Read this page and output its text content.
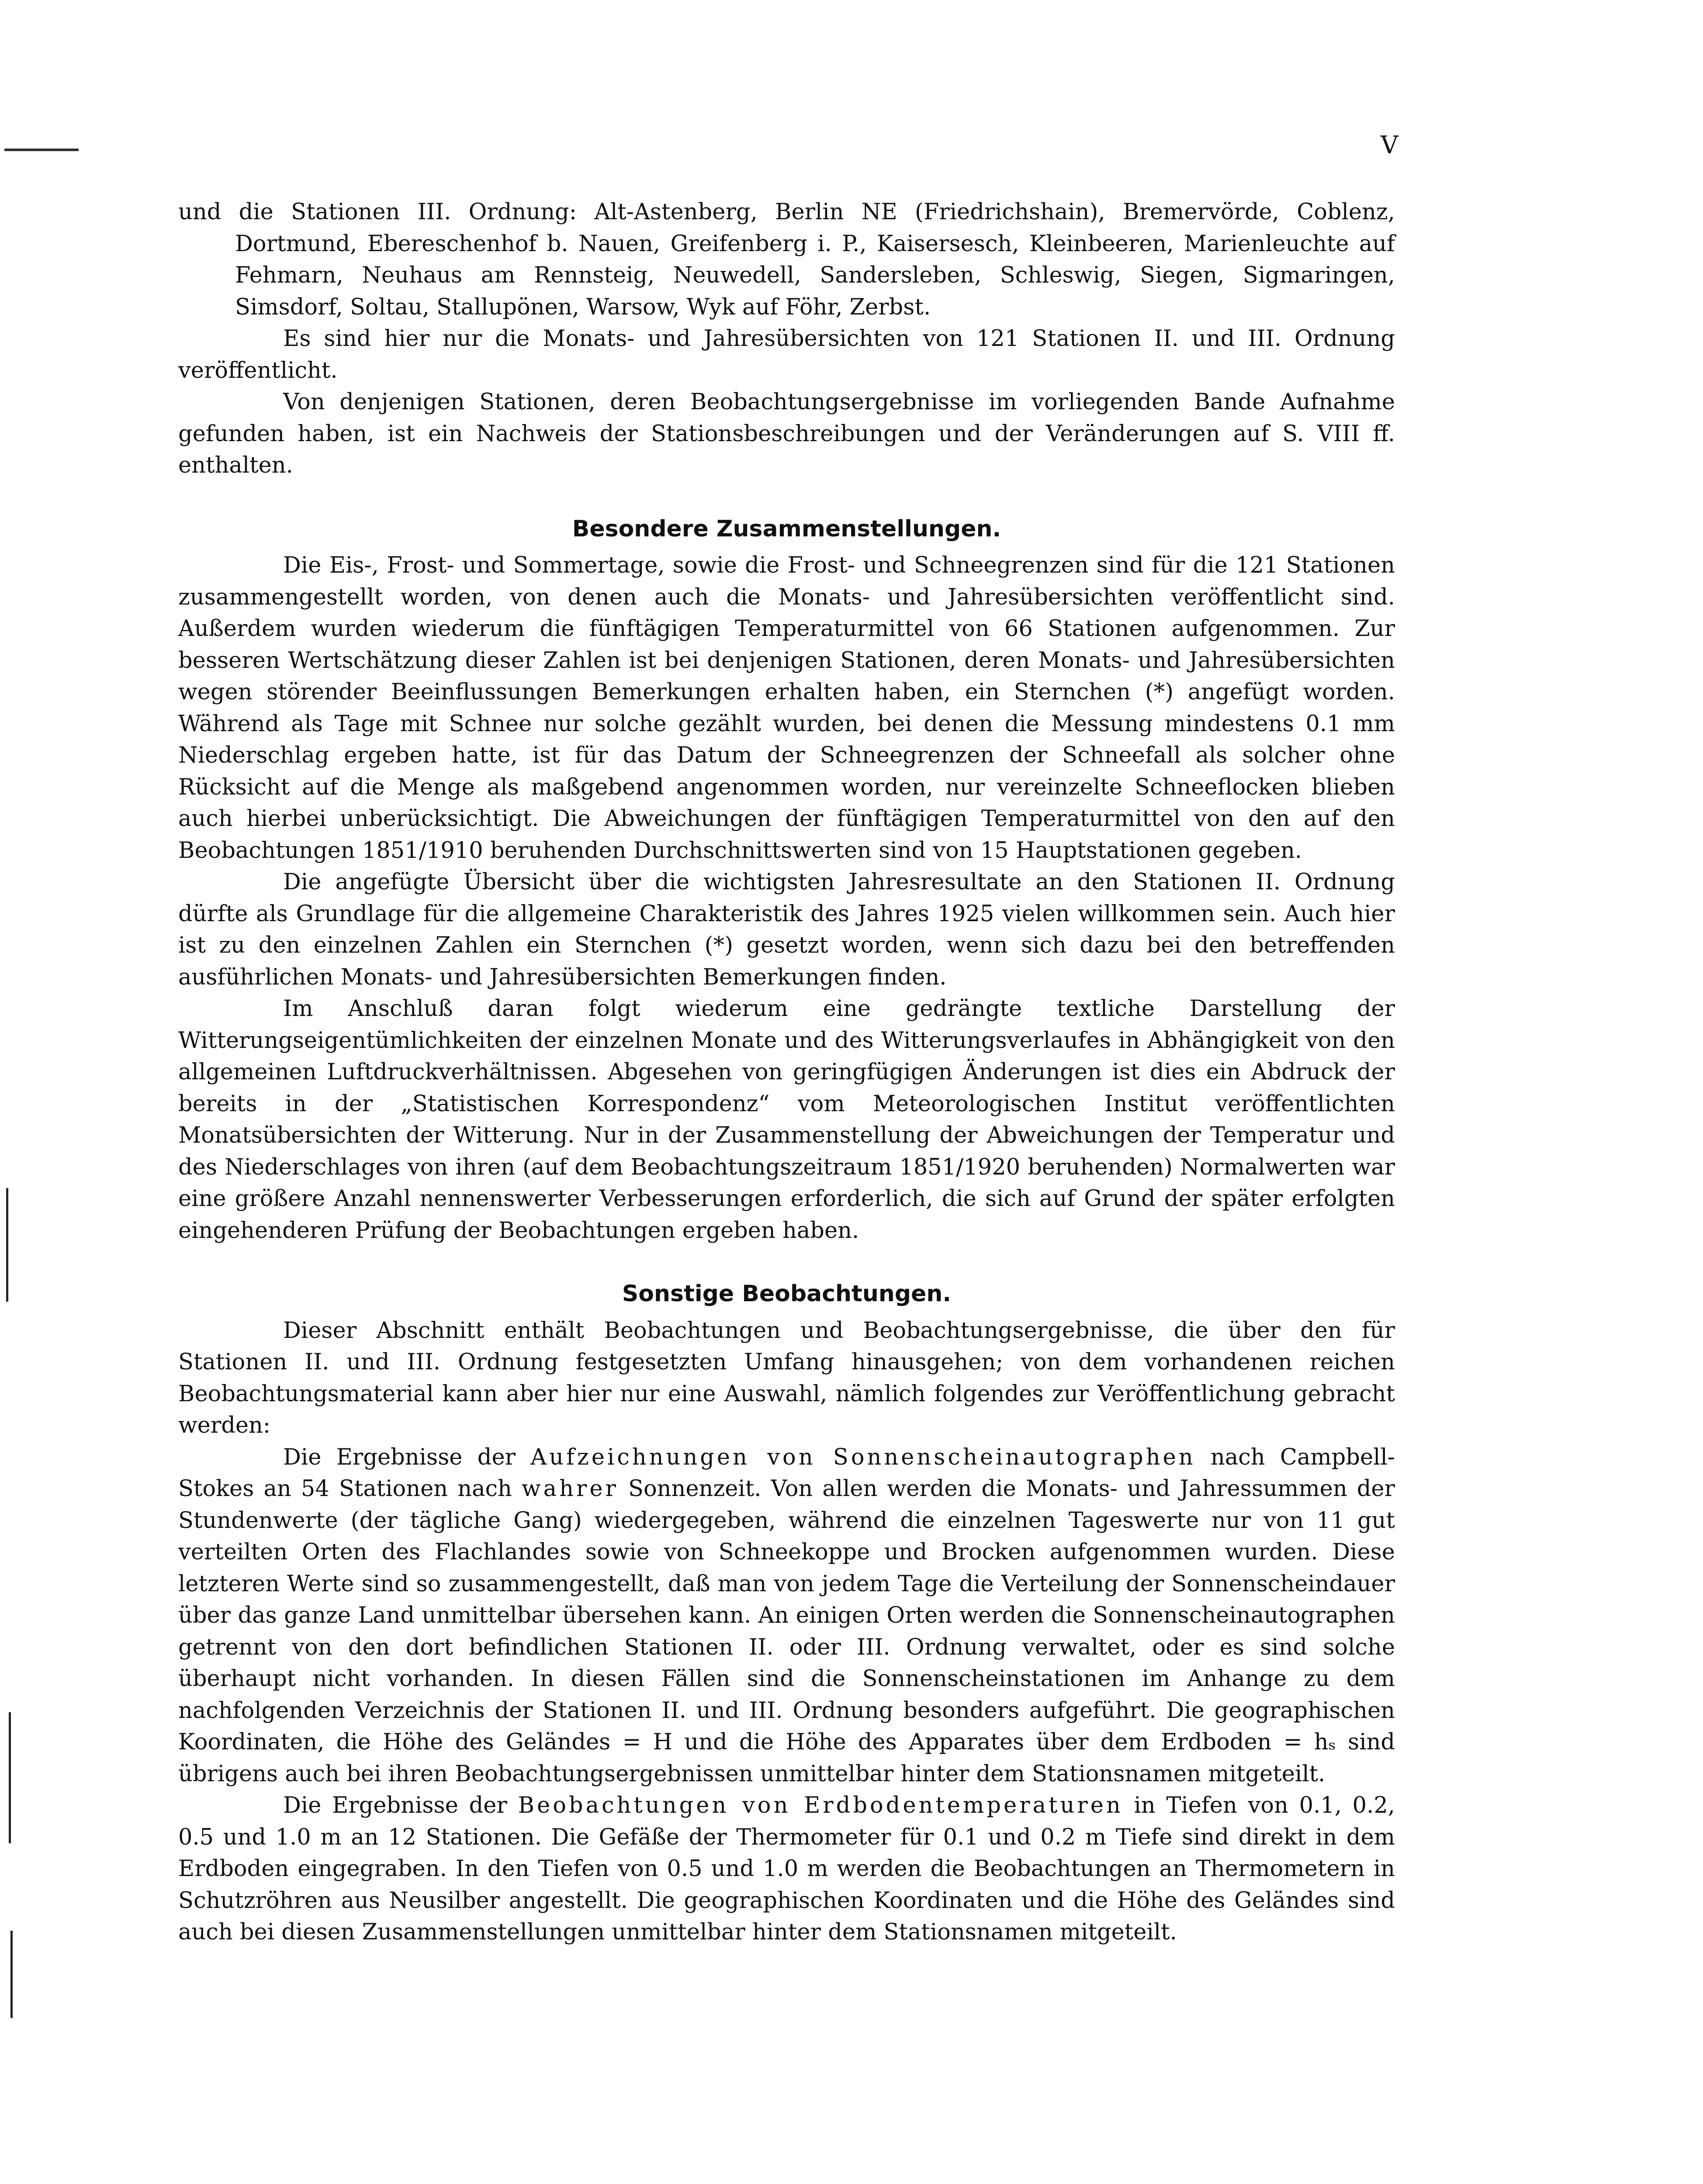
V

und die Stationen III. Ordnung: Alt-Astenberg, Berlin NE (Friedrichshain), Bremervörde, Coblenz, Dortmund, Ebereschenhof b. Nauen, Greifenberg i. P., Kaisersesch, Kleinbeeren, Marienleuchte auf Fehmarn, Neuhaus am Rennsteig, Neuwedell, Sandersleben, Schleswig, Siegen, Sigmaringen, Simsdorf, Soltau, Stallupönen, Warsow, Wyk auf Föhr, Zerbst.

Es sind hier nur die Monats- und Jahresübersichten von 121 Stationen II. und III. Ordnung veröffentlicht.

Von denjenigen Stationen, deren Beobachtungsergebnisse im vorliegenden Bande Aufnahme gefunden haben, ist ein Nachweis der Stationsbeschreibungen und der Veränderungen auf S. VIII ff. enthalten.

Besondere Zusammenstellungen.

Die Eis-, Frost- und Sommertage, sowie die Frost- und Schneegrenzen sind für die 121 Stationen zusammengestellt worden, von denen auch die Monats- und Jahresübersichten veröffentlicht sind. Außerdem wurden wiederum die fünftägigen Temperaturmittel von 66 Stationen aufgenommen. Zur besseren Wertschätzung dieser Zahlen ist bei denjenigen Stationen, deren Monats- und Jahresübersichten wegen störender Beeinflussungen Bemerkungen erhalten haben, ein Sternchen (*) angefügt worden. Während als Tage mit Schnee nur solche gezählt wurden, bei denen die Messung mindestens 0.1 mm Niederschlag ergeben hatte, ist für das Datum der Schneegrenzen der Schneefall als solcher ohne Rücksicht auf die Menge als maßgebend angenommen worden, nur vereinzelte Schneeflocken blieben auch hierbei unberücksichtigt. Die Abweichungen der fünftägigen Temperaturmittel von den auf den Beobachtungen 1851/1910 beruhenden Durchschnittswerten sind von 15 Hauptstationen gegeben.

Die angefügte Übersicht über die wichtigsten Jahresresultate an den Stationen II. Ordnung dürfte als Grundlage für die allgemeine Charakteristik des Jahres 1925 vielen willkommen sein. Auch hier ist zu den einzelnen Zahlen ein Sternchen (*) gesetzt worden, wenn sich dazu bei den betreffenden ausführlichen Monats- und Jahresübersichten Bemerkungen finden.

Im Anschluß daran folgt wiederum eine gedrängte textliche Darstellung der Witterungseigentümlichkeiten der einzelnen Monate und des Witterungsverlaufes in Abhängigkeit von den allgemeinen Luftdruckverhältnissen. Abgesehen von geringfügigen Änderungen ist dies ein Abdruck der bereits in der „Statistischen Korrespondenz“ vom Meteorologischen Institut veröffentlichten Monatsübersichten der Witterung. Nur in der Zusammenstellung der Abweichungen der Temperatur und des Niederschlages von ihren (auf dem Beobachtungszeitraum 1851/1920 beruhenden) Normalwerten war eine größere Anzahl nennenswerter Verbesserungen erforderlich, die sich auf Grund der später erfolgten eingehenderen Prüfung der Beobachtungen ergeben haben.

Sonstige Beobachtungen.

Dieser Abschnitt enthält Beobachtungen und Beobachtungsergebnisse, die über den für Stationen II. und III. Ordnung festgesetzten Umfang hinausgehen; von dem vorhandenen reichen Beobachtungsmaterial kann aber hier nur eine Auswahl, nämlich folgendes zur Veröffentlichung gebracht werden:

Die Ergebnisse der Aufzeichnungen von Sonnenscheinautographen nach Campbell-Stokes an 54 Stationen nach wahrer Sonnenzeit. Von allen werden die Monats- und Jahressummen der Stundenwerte (der tägliche Gang) wiedergegeben, während die einzelnen Tageswerte nur von 11 gut verteilten Orten des Flachlandes sowie von Schneekoppe und Brocken aufgenommen wurden. Diese letzteren Werte sind so zusammengestellt, daß man von jedem Tage die Verteilung der Sonnenscheindauer über das ganze Land unmittelbar übersehen kann. An einigen Orten werden die Sonnenscheinautographen getrennt von den dort befindlichen Stationen II. oder III. Ordnung verwaltet, oder es sind solche überhaupt nicht vorhanden. In diesen Fällen sind die Sonnenscheinstationen im Anhange zu dem nachfolgenden Verzeichnis der Stationen II. und III. Ordnung besonders aufgeführt. Die geographischen Koordinaten, die Höhe des Geländes = H und die Höhe des Apparates über dem Erdboden = hₛ sind übrigens auch bei ihren Beobachtungsergebnissen unmittelbar hinter dem Stationsnamen mitgeteilt.

Die Ergebnisse der Beobachtungen von Erdbodentemperaturen in Tiefen von 0.1, 0.2, 0.5 und 1.0 m an 12 Stationen. Die Gefäße der Thermometer für 0.1 und 0.2 m Tiefe sind direkt in dem Erdboden eingegraben. In den Tiefen von 0.5 und 1.0 m werden die Beobachtungen an Thermometern in Schutzröhren aus Neusilber angestellt. Die geographischen Koordinaten und die Höhe des Geländes sind auch bei diesen Zusammenstellungen unmittelbar hinter dem Stationsnamen mitgeteilt.
